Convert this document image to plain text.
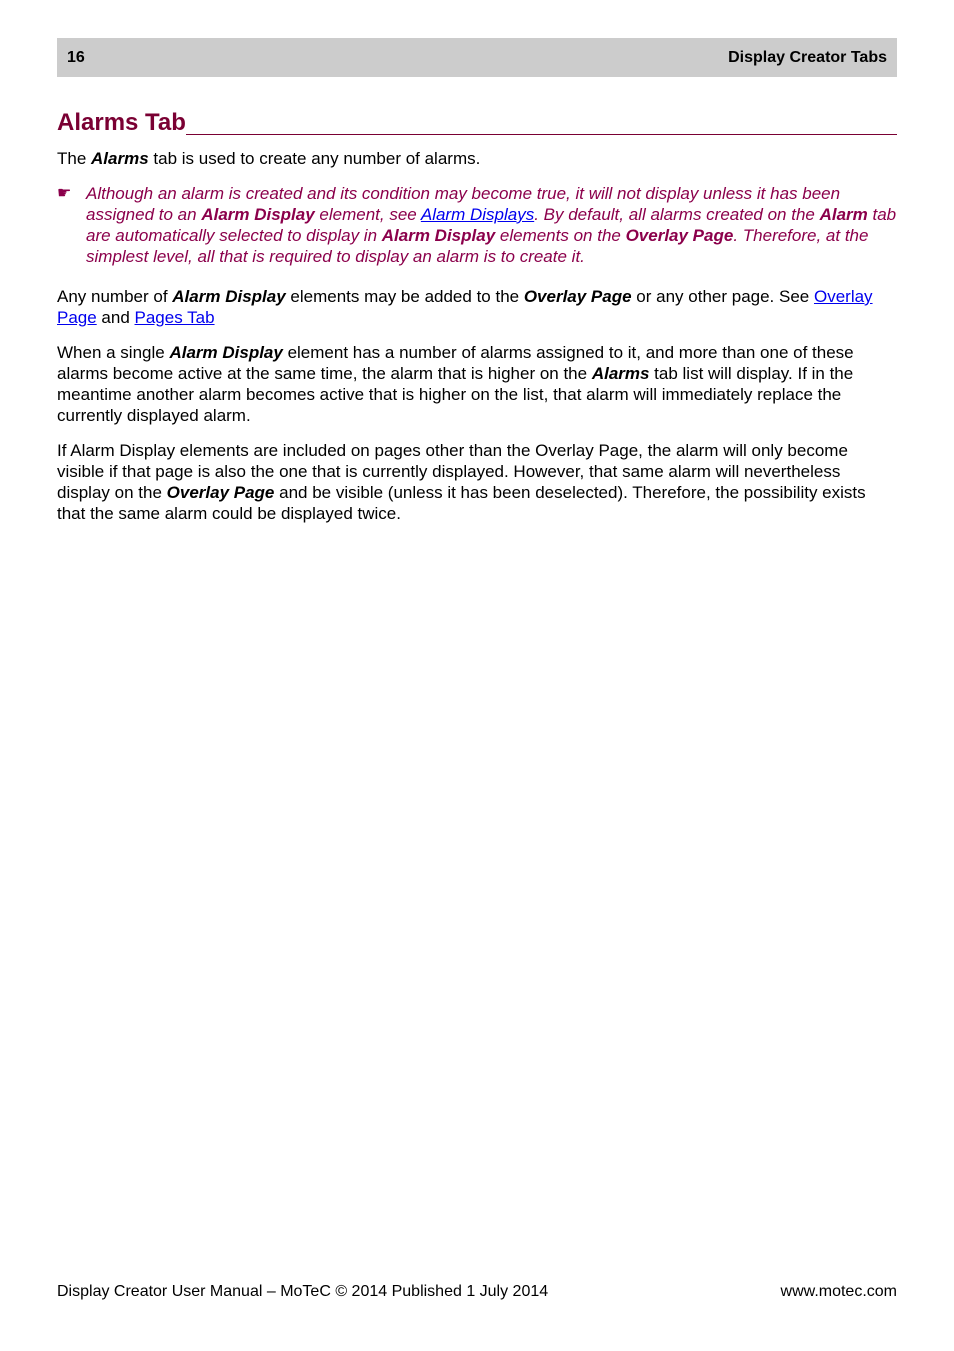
16	Display Creator Tabs
Alarms Tab

The Alarms tab is used to create any number of alarms.

☛ Although an alarm is created and its condition may become true, it will not display unless it has been assigned to an Alarm Display element, see Alarm Displays. By default, all alarms created on the Alarm tab are automatically selected to display in Alarm Display elements on the Overlay Page. Therefore, at the simplest level, all that is required to display an alarm is to create it.

Any number of Alarm Display elements may be added to the Overlay Page or any other page. See Overlay Page and Pages Tab

When a single Alarm Display element has a number of alarms assigned to it, and more than one of these alarms become active at the same time, the alarm that is higher on the Alarms tab list will display. If in the meantime another alarm becomes active that is higher on the list, that alarm will immediately replace the currently displayed alarm.

If Alarm Display elements are included on pages other than the Overlay Page, the alarm will only become visible if that page is also the one that is currently displayed. However, that same alarm will nevertheless display on the Overlay Page and be visible (unless it has been deselected). Therefore, the possibility exists that the same alarm could be displayed twice.

Display Creator User Manual – MoTeC © 2014 Published 1 July 2014	www.motec.com
